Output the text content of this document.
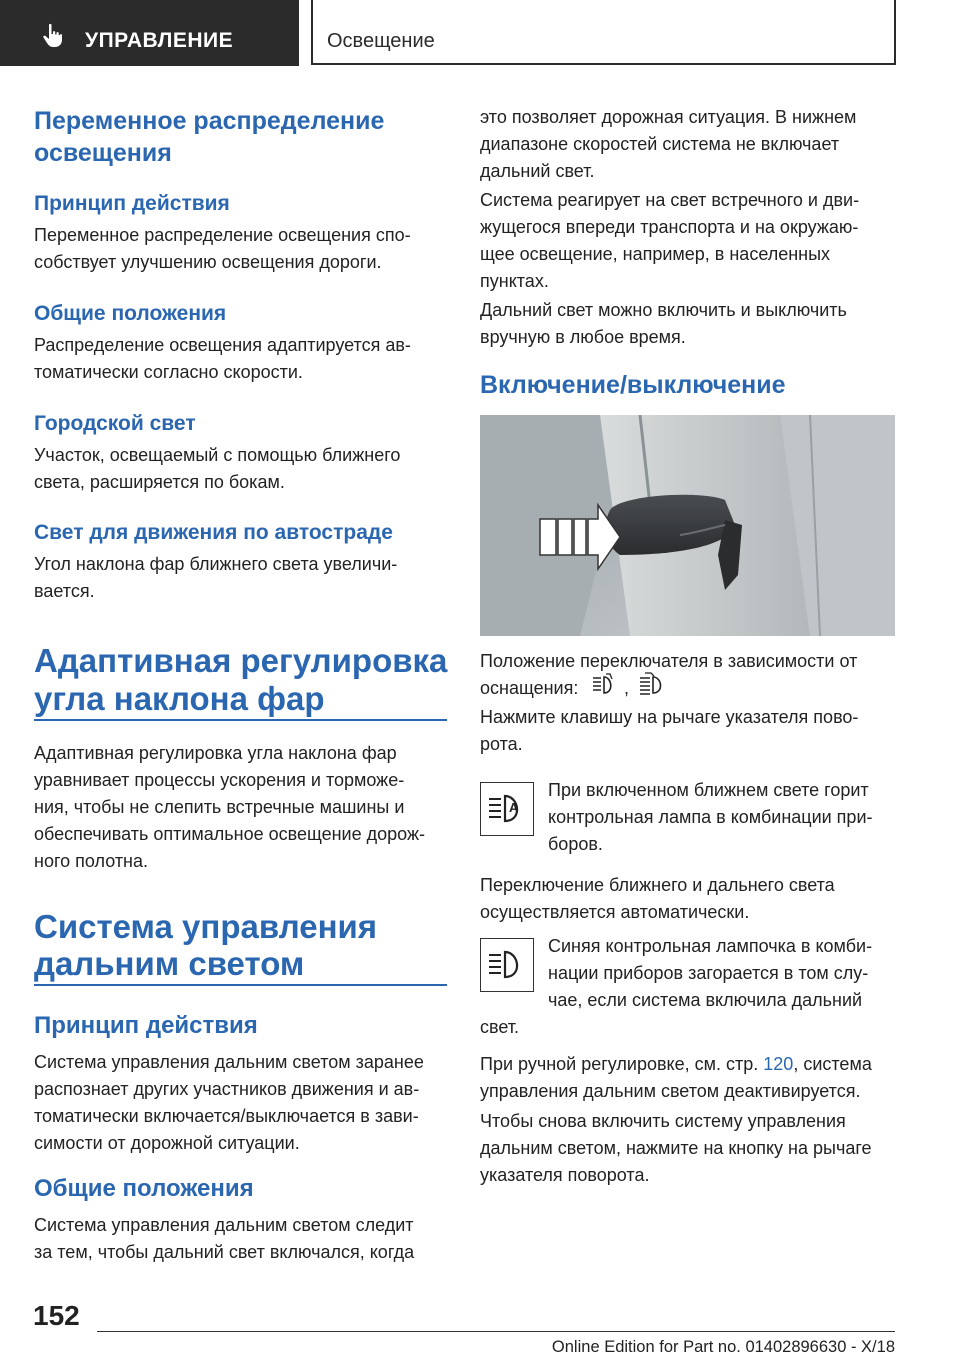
УПРАВЛЕНИЕ	Освещение
Переменное распределение
освещения
Принцип действия
Переменное распределение освещения спо-
собствует улучшению освещения дороги.
Общие положения
Распределение освещения адаптируется ав-
томатически согласно скорости.
Городской свет
Участок, освещаемый с помощью ближнего
света, расширяется по бокам.
Свет для движения по автостраде
Угол наклона фар ближнего света увеличи-
вается.
Адаптивная регулировка
угла наклона фар
Адаптивная регулировка угла наклона фар
уравнивает процессы ускорения и торможе-
ния, чтобы не слепить встречные машины и
обеспечивать оптимальное освещение дорож-
ного полотна.
Система управления
дальним светом
Принцип действия
Система управления дальним светом заранее
распознает других участников движения и ав-
томатически включается/выключается в зави-
симости от дорожной ситуации.
Общие положения
Система управления дальним светом следит
за тем, чтобы дальний свет включался, когда
это позволяет дорожная ситуация. В нижнем
диапазоне скоростей система не включает
дальний свет.
Система реагирует на свет встречного и дви-
жущегося впереди транспорта и на окружаю-
щее освещение, например, в населенных
пунктах.
Дальний свет можно включить и выключить
вручную в любое время.
Включение/выключение
Положение переключателя в зависимости от
оснащения:	,
Нажмите клавишу на рычаге указателя пово-
рота.
A
При включенном ближнем свете горит
контрольная лампа в комбинации при-
боров.
Переключение ближнего и дальнего света
осуществляется автоматически.
Синяя контрольная лампочка в комби-
нации приборов загорается в том слу-
чае, если система включила дальний
свет.
При ручной регулировке, см. стр. 120, система
управления дальним светом деактивируется.
Чтобы снова включить систему управления
дальним светом, нажмите на кнопку на рычаге
указателя поворота.
152
Online Edition for Part no. 01402896630 - X/18
